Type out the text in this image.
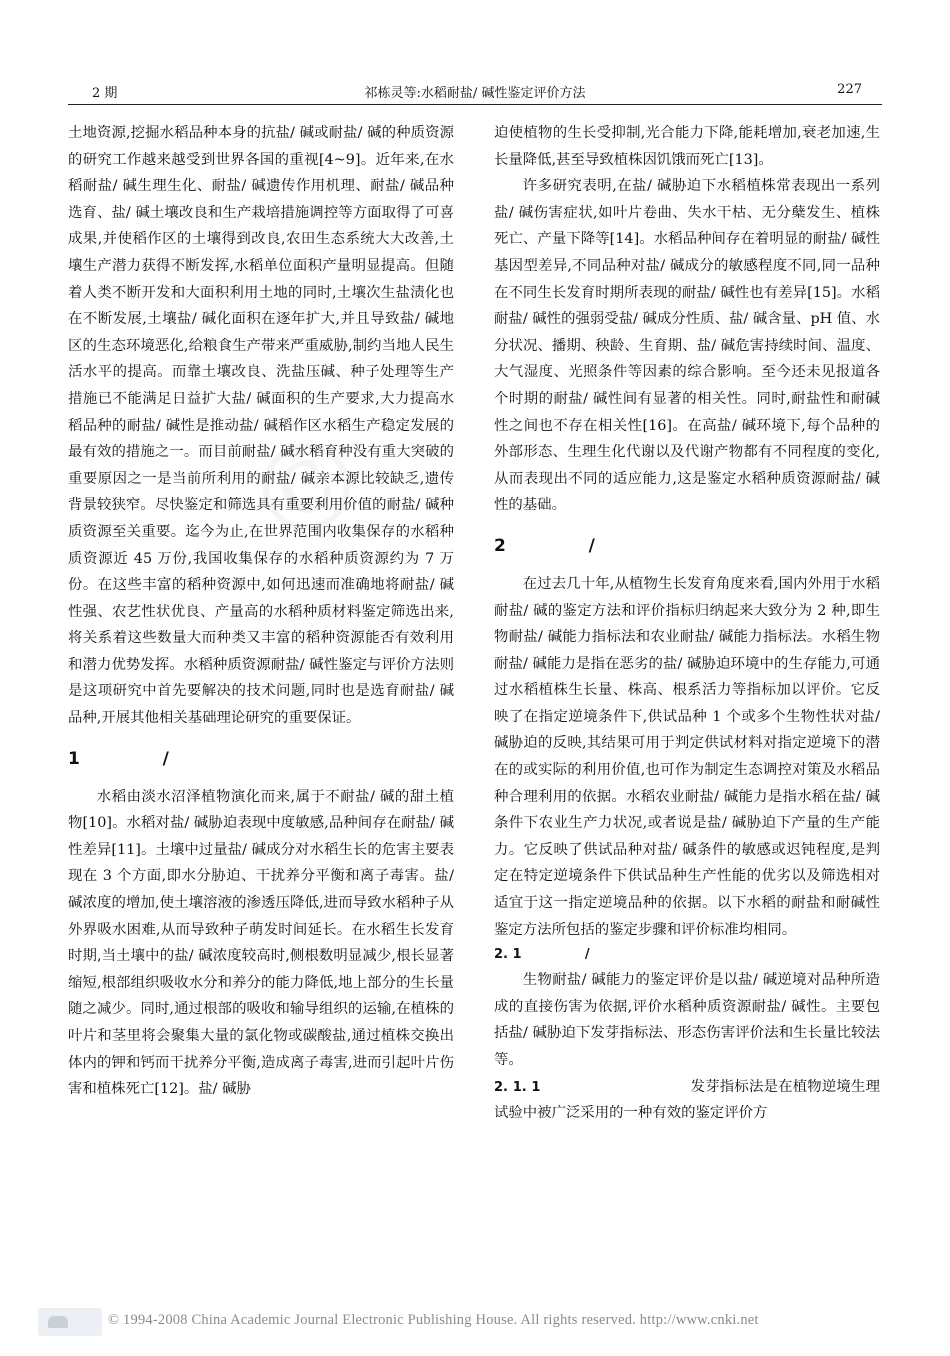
2 期	祁栋灵等:水稻耐盐/ 碱性鉴定评价方法	227

土地资源,挖掘水稻品种本身的抗盐/ 碱或耐盐/ 碱的种质资源的研究工作越来越受到世界各国的重视[4~9]。近年来,在水稻耐盐/ 碱生理生化、耐盐/ 碱遗传作用机理、耐盐/ 碱品种选育、盐/ 碱土壤改良和生产栽培措施调控等方面取得了可喜成果,并使稻作区的土壤得到改良,农田生态系统大大改善,土壤生产潜力获得不断发挥,水稻单位面积产量明显提高。但随着人类不断开发和大面积利用土地的同时,土壤次生盐渍化也在不断发展,土壤盐/ 碱化面积在逐年扩大,并且导致盐/ 碱地区的生态环境恶化,给粮食生产带来严重威胁,制约当地人民生活水平的提高。而靠土壤改良、洗盐压碱、种子处理等生产措施已不能满足日益扩大盐/ 碱面积的生产要求,大力提高水稻品种的耐盐/ 碱性是推动盐/ 碱稻作区水稻生产稳定发展的最有效的措施之一。而目前耐盐/ 碱水稻育种没有重大突破的重要原因之一是当前所利用的耐盐/ 碱亲本源比较缺乏,遗传背景较狭窄。尽快鉴定和筛选具有重要利用价值的耐盐/ 碱种质资源至关重要。迄今为止,在世界范围内收集保存的水稻种质资源近 45 万份,我国收集保存的水稻种质资源约为 7 万份。在这些丰富的稻种资源中,如何迅速而准确地将耐盐/ 碱性强、农艺性状优良、产量高的水稻种质材料鉴定筛选出来,将关系着这些数量大而种类又丰富的稻种资源能否有效利用和潜力优势发挥。水稻种质资源耐盐/ 碱性鉴定与评价方法则是这项研究中首先要解决的技术问题,同时也是选育耐盐/ 碱品种,开展其他相关基础理论研究的重要保证。

1              /

水稻由淡水沼泽植物演化而来,属于不耐盐/ 碱的甜土植物[10]。水稻对盐/ 碱胁迫表现中度敏感,品种间存在耐盐/ 碱性差异[11]。土壤中过量盐/ 碱成分对水稻生长的危害主要表现在 3 个方面,即水分胁迫、干扰养分平衡和离子毒害。盐/ 碱浓度的增加,使土壤溶液的渗透压降低,进而导致水稻种子从外界吸水困难,从而导致种子萌发时间延长。在水稻生长发育时期,当土壤中的盐/ 碱浓度较高时,侧根数明显减少,根长显著缩短,根部组织吸收水分和养分的能力降低,地上部分的生长量随之减少。同时,通过根部的吸收和输导组织的运输,在植株的叶片和茎里将会聚集大量的氯化物或碳酸盐,通过植株交换出体内的钾和钙而干扰养分平衡,造成离子毒害,进而引起叶片伤害和植株死亡[12]。盐/ 碱胁

迫使植物的生长受抑制,光合能力下降,能耗增加,衰老加速,生长量降低,甚至导致植株因饥饿而死亡[13]。

许多研究表明,在盐/ 碱胁迫下水稻植株常表现出一系列盐/ 碱伤害症状,如叶片卷曲、失水干枯、无分蘖发生、植株死亡、产量下降等[14]。水稻品种间存在着明显的耐盐/ 碱性基因型差异,不同品种对盐/ 碱成分的敏感程度不同,同一品种在不同生长发育时期所表现的耐盐/ 碱性也有差异[15]。水稻耐盐/ 碱性的强弱受盐/ 碱成分性质、盐/ 碱含量、pH 值、水分状况、播期、秧龄、生育期、盐/ 碱危害持续时间、温度、大气湿度、光照条件等因素的综合影响。至今还未见报道各个时期的耐盐/ 碱性间有显著的相关性。同时,耐盐性和耐碱性之间也不存在相关性[16]。在高盐/ 碱环境下,每个品种的外部形态、生理生化代谢以及代谢产物都有不同程度的变化,从而表现出不同的适应能力,这是鉴定水稻种质资源耐盐/ 碱性的基础。

2              /

在过去几十年,从植物生长发育角度来看,国内外用于水稻耐盐/ 碱的鉴定方法和评价指标归纳起来大致分为 2 种,即生物耐盐/ 碱能力指标法和农业耐盐/ 碱能力指标法。水稻生物耐盐/ 碱能力是指在恶劣的盐/ 碱胁迫环境中的生存能力,可通过水稻植株生长量、株高、根系活力等指标加以评价。它反映了在指定逆境条件下,供试品种 1 个或多个生物性状对盐/ 碱胁迫的反映,其结果可用于判定供试材料对指定逆境下的潜在的或实际的利用价值,也可作为制定生态调控对策及水稻品种合理利用的依据。水稻农业耐盐/ 碱能力是指水稻在盐/ 碱条件下农业生产力状况,或者说是盐/ 碱胁迫下产量的生产能力。它反映了供试品种对盐/ 碱条件的敏感或迟钝程度,是判定在特定逆境条件下供试品种生产性能的优劣以及筛选相对适宜于这一指定逆境品种的依据。以下水稻的耐盐和耐碱性鉴定方法所包括的鉴定步骤和评价标准均相同。

2. 1              /

生物耐盐/ 碱能力的鉴定评价是以盐/ 碱逆境对品种所造成的直接伤害为依据,评价水稻种质资源耐盐/ 碱性。主要包括盐/ 碱胁迫下发芽指标法、形态伤害评价法和生长量比较法等。

2. 1. 1	发芽指标法是在植物逆境生理试验中被广泛采用的一种有效的鉴定评价方

© 1994-2008 China Academic Journal Electronic Publishing House. All rights reserved. http://www.cnki.net
